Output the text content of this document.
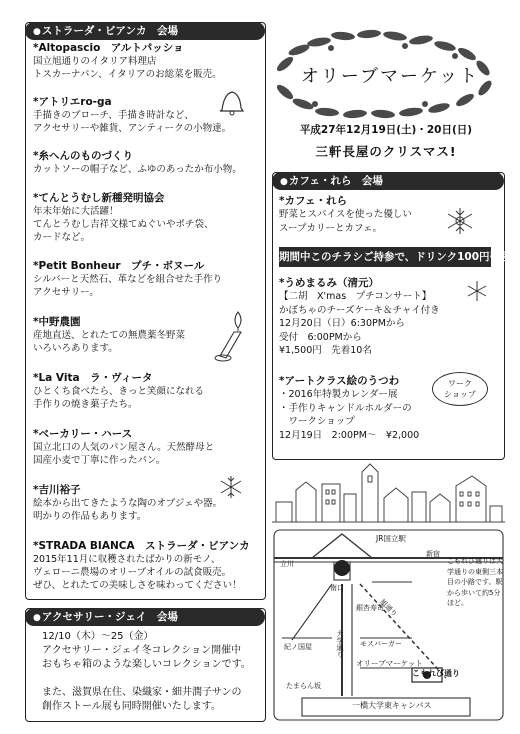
●ストラーダ・ビアンカ　会場
*Altopascio　アルトパッショ
国立旭通りのイタリア料理店
トスカーナパン、イタリアのお総菜を販売。
*アトリエro-ga
手描きのブローチ、手描き時計など、
アクセサリーや雑貨、アンティークの小物達。
*糸へんのものづくり
カットソーの帽子など、ふゆのあったか布小物。
*てんとうむし新種発明協会
年末年始に大活躍！
てんとうむし吉祥文様てぬぐいやポチ袋、
カードなど。
*Petit Bonheur　プチ・ボヌール
シルバーと天然石、革などを組合せた手作り
アクセサリー。
*中野農園
産地直送、とれたての無農薬冬野菜
いろいろあります。
*La Vita　ラ・ヴィータ
ひとくち食べたら、きっと笑顔になれる
手作りの焼き菓子たち。
*ベーカリー・ハース
国立北口の人気のパン屋さん。天然酵母と
国産小麦で丁寧に作ったパン。
*吉川裕子
絵本から出てきたような陶のオブジェや器。
明かりの作品もあります。
*STRADA BIANCA　ストラーダ・ビアンカ
2015年11月に収穫されたばかりの新モノ、
ヴェローニ農場のオリーブオイルの試食販売。
ぜひ、とれたての美味しさを味わってください！
●アクセサリー・ジェイ　会場
12/10（木）～25（金）
アクセサリー・ジェイ冬コレクション開催中
おもちゃ箱のような楽しいコレクションです。
また、滋賀県在住、染織家・細井潤子サンの
創作ストール展も同時開催いたします。
オリーブマーケット
平成27年12月19日(土)・20日(日)
三軒長屋のクリスマス!
●カフェ・れら　会場
*カフェ・れら
野菜とスパイスを使った優しい
スープカリーとカフェ。
期間中このチラシご持参で、ドリンク100円引き
*うめまるみ（清元）
【二胡　X'mas　プチコンサート】
かぼちゃのチーズケーキ＆チャイ付き
12月20日（日）6:30PMから
受付　6:00PMから
¥1,500円　先着10名
*アートクラス絵のうつわ
・2016年特製カレンダー展
・手作りキャンドルホルダーの
　ワークショップ
12月19日　2:00PM～　¥2,000
ワーク
ショップ
JR国立駅
南口
立川
新宿
旭通り
大学通り
オリーブマーケット
モスバーガー
紀ノ国屋
銀杏寿司
たまらん坂
こもれび通り
一橋大学東キャンパス
こもれび通りは大学通りの東側三本目の小路です。駅から歩いて約5分ほど。
